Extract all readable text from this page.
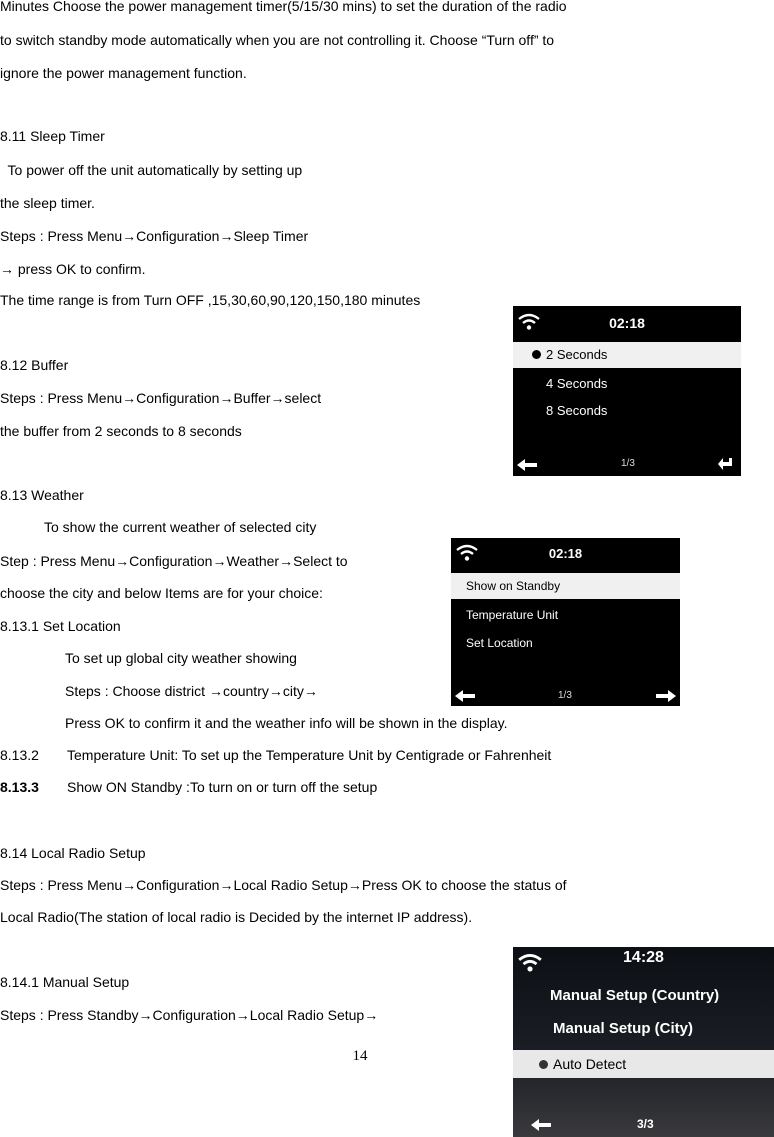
Minutes Choose the power management timer(5/15/30 mins) to set the duration of the radio
to switch standby mode automatically when you are not controlling it. Choose “Turn off” to
ignore the power management function.
8.11 Sleep Timer
To power off the unit automatically by setting up
the sleep timer.
Steps : Press Menu→Configuration→Sleep Timer
→ press OK to confirm.
The time range is from Turn OFF ,15,30,60,90,120,150,180 minutes
8.12 Buffer
Steps : Press Menu→Configuration→Buffer→select
the buffer from 2 seconds to 8 seconds
8.13 Weather
To show the current weather of selected city
Step : Press Menu→Configuration→Weather→Select to
choose the city and below Items are for your choice:
8.13.1 Set Location
To set up global city weather showing
Steps : Choose district →country→city→
Press OK to confirm it and the weather info will be shown in the display.
8.13.2 Temperature Unit: To set up the Temperature Unit by Centigrade or Fahrenheit
8.13.3 Show ON Standby :To turn on or turn off the setup
8.14 Local Radio Setup
Steps : Press Menu→Configuration→Local Radio Setup→Press OK to choose the status of
Local Radio(The station of local radio is Decided by the internet IP address).
8.14.1 Manual Setup
Steps : Press Standby→Configuration→Local Radio Setup→
14
02:18
2 Seconds
4 Seconds
8 Seconds
1/3
02:18
Show on Standby
Temperature Unit
Set Location
1/3
14:28
Manual Setup (Country)
Manual Setup (City)
Auto Detect
3/3
